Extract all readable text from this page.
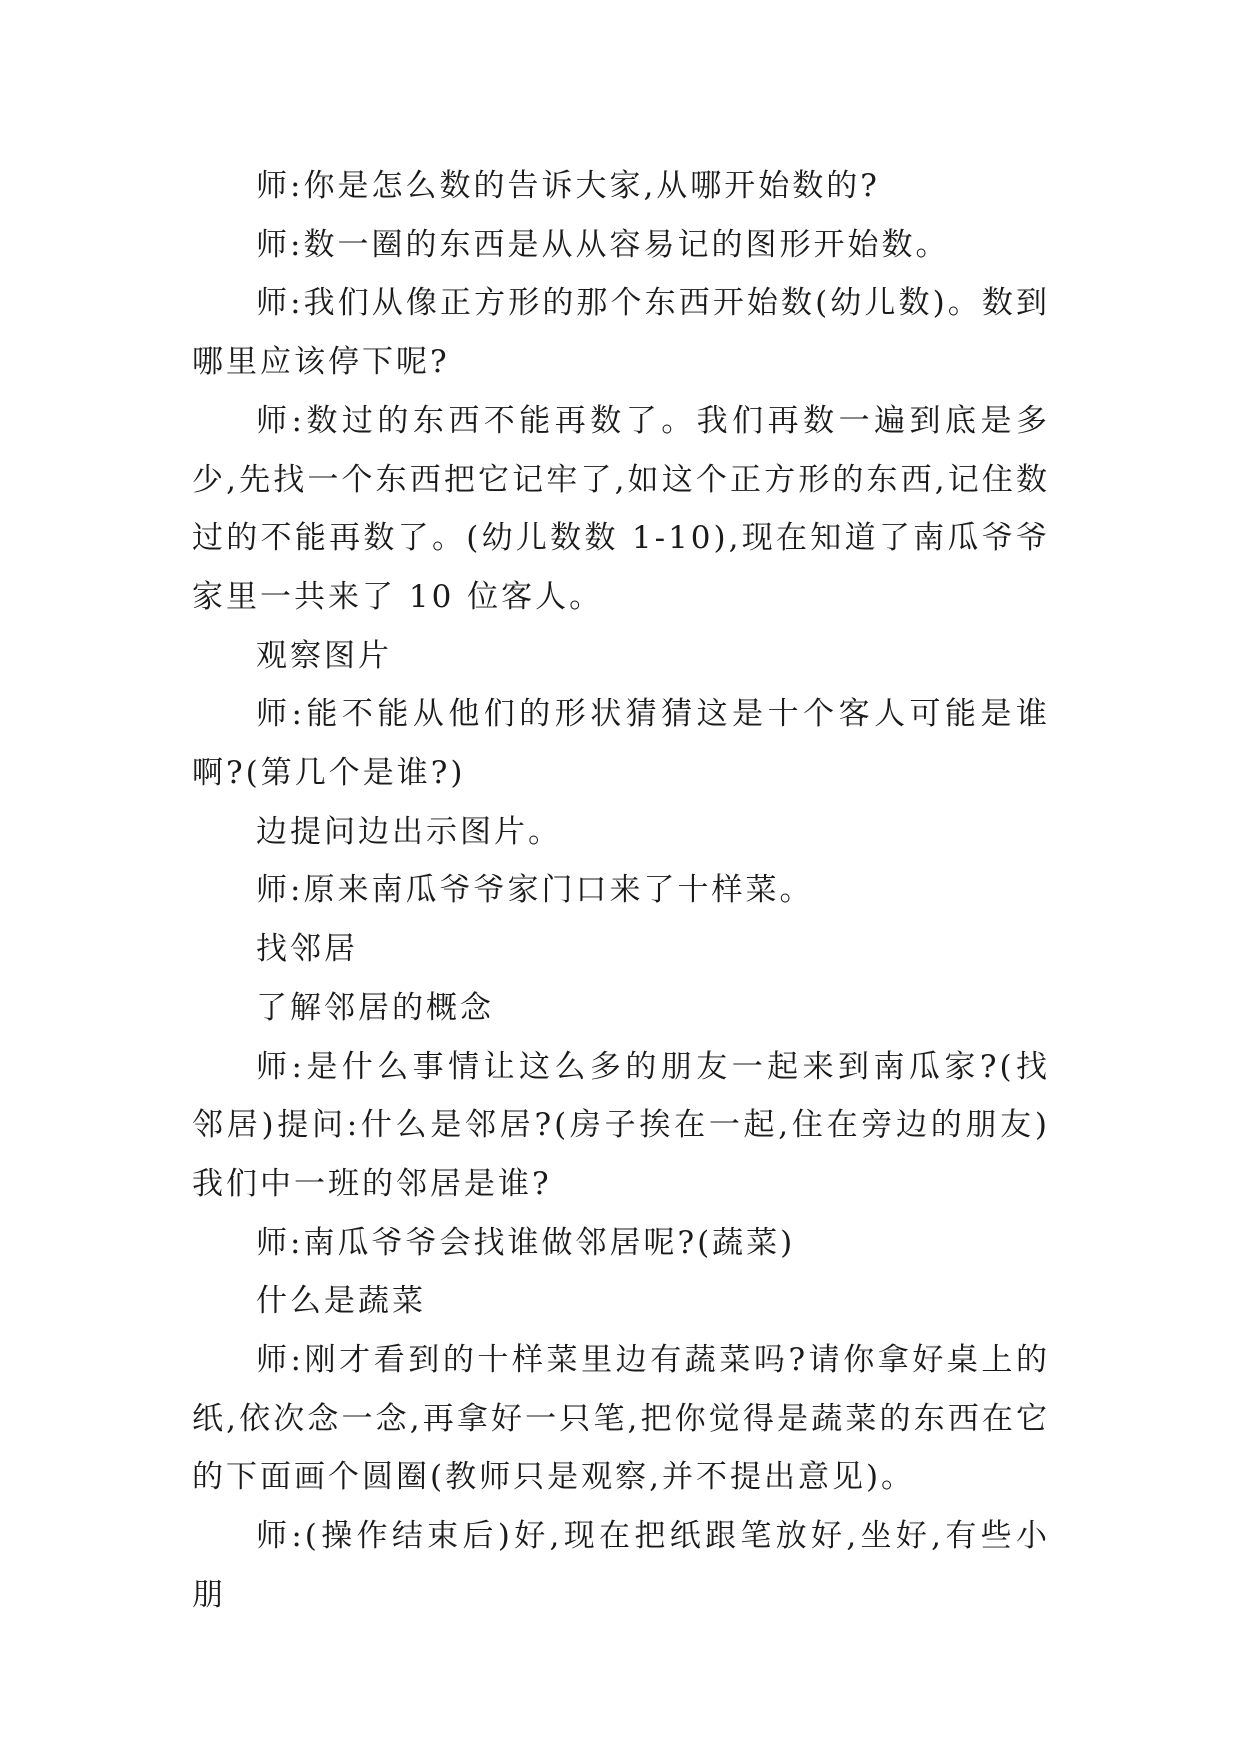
师:你是怎么数的告诉大家,从哪开始数的?

师:数一圈的东西是从从容易记的图形开始数。

师:我们从像正方形的那个东西开始数(幼儿数)。数到哪里应该停下呢?

师:数过的东西不能再数了。我们再数一遍到底是多少,先找一个东西把它记牢了,如这个正方形的东西,记住数过的不能再数了。(幼儿数数 1-10),现在知道了南瓜爷爷家里一共来了 10 位客人。

观察图片

师:能不能从他们的形状猜猜这是十个客人可能是谁啊?(第几个是谁?)

边提问边出示图片。

师:原来南瓜爷爷家门口来了十样菜。

找邻居

了解邻居的概念

师:是什么事情让这么多的朋友一起来到南瓜家?(找邻居)提问:什么是邻居?(房子挨在一起,住在旁边的朋友)我们中一班的邻居是谁?

师:南瓜爷爷会找谁做邻居呢?(蔬菜)

什么是蔬菜

师:刚才看到的十样菜里边有蔬菜吗?请你拿好桌上的纸,依次念一念,再拿好一只笔,把你觉得是蔬菜的东西在它的下面画个圆圈(教师只是观察,并不提出意见)。

师:(操作结束后)好,现在把纸跟笔放好,坐好,有些小朋
